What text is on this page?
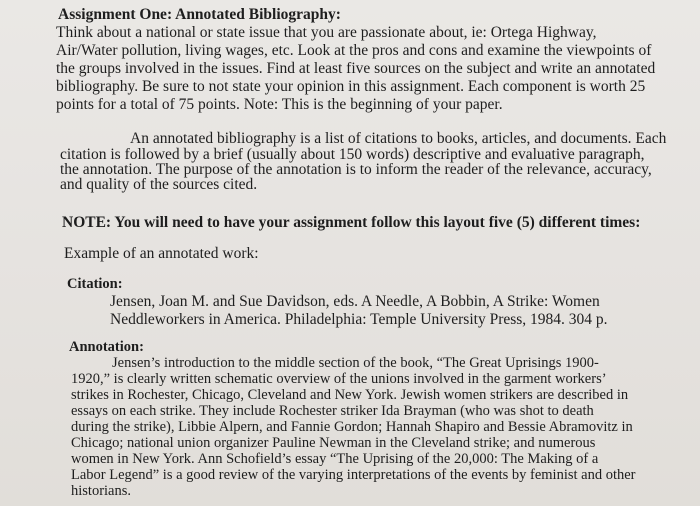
Assignment One: Annotated Bibliography:
Think about a national or state issue that you are passionate about, ie: Ortega Highway,
Air/Water pollution, living wages, etc. Look at the pros and cons and examine the viewpoints of
the groups involved in the issues. Find at least five sources on the subject and write an annotated
bibliography. Be sure to not state your opinion in this assignment. Each component is worth 25
points for a total of 75 points. Note: This is the beginning of your paper.
An annotated bibliography is a list of citations to books, articles, and documents. Each
citation is followed by a brief (usually about 150 words) descriptive and evaluative paragraph,
the annotation. The purpose of the annotation is to inform the reader of the relevance, accuracy,
and quality of the sources cited.
NOTE: You will need to have your assignment follow this layout five (5) different times:
Example of an annotated work:
Citation:
Jensen, Joan M. and Sue Davidson, eds. A Needle, A Bobbin, A Strike: Women
Neddleworkers in America. Philadelphia: Temple University Press, 1984. 304 p.
Annotation:
Jensen’s introduction to the middle section of the book, “The Great Uprisings 1900-
1920,” is clearly written schematic overview of the unions involved in the garment workers’
strikes in Rochester, Chicago, Cleveland and New York. Jewish women strikers are described in
essays on each strike. They include Rochester striker Ida Brayman (who was shot to death
during the strike), Libbie Alpern, and Fannie Gordon; Hannah Shapiro and Bessie Abramovitz in
Chicago; national union organizer Pauline Newman in the Cleveland strike; and numerous
women in New York. Ann Schofield’s essay “The Uprising of the 20,000: The Making of a
Labor Legend” is a good review of the varying interpretations of the events by feminist and other
historians.
